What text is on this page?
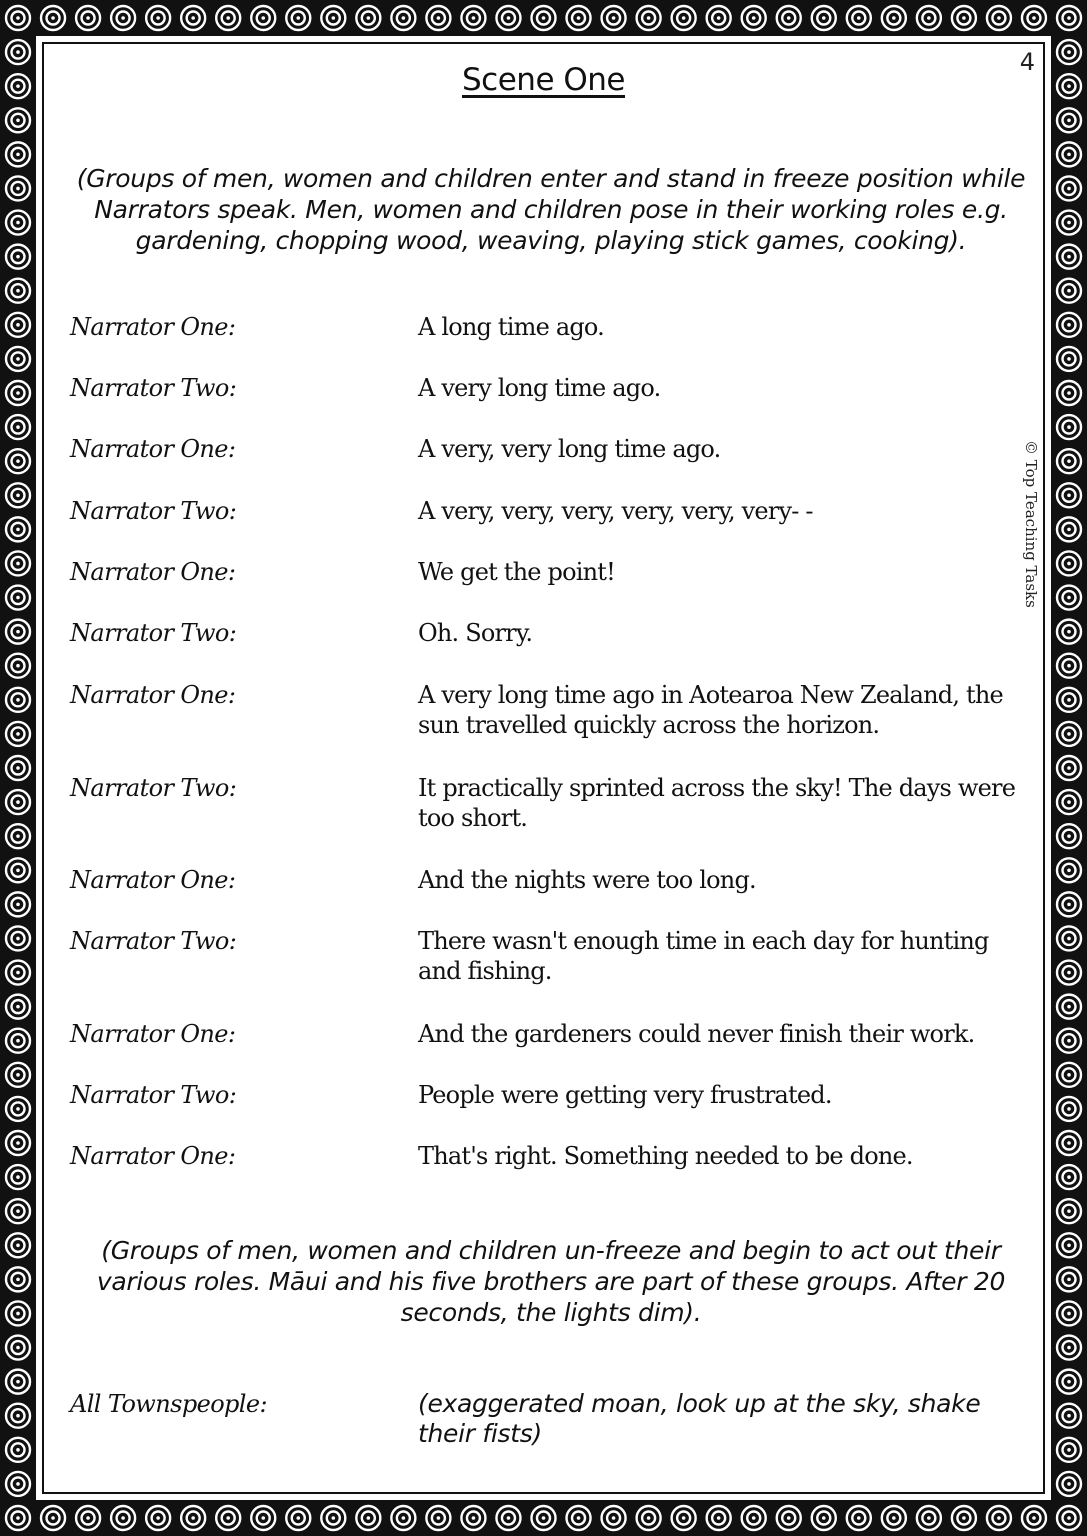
4
Scene One
(Groups of men, women and children enter and stand in freeze position while Narrators speak. Men, women and children pose in their working roles e.g. gardening, chopping wood, weaving, playing stick games, cooking).
Narrator One:	A long time ago.
Narrator Two:	A very long time ago.
Narrator One:	A very, very long time ago.
Narrator Two:	A very, very, very, very, very, very- -
Narrator One:	We get the point!
Narrator Two:	Oh. Sorry.
Narrator One:	A very long time ago in Aotearoa New Zealand, the sun travelled quickly across the horizon.
Narrator Two:	It practically sprinted across the sky! The days were too short.
Narrator One:	And the nights were too long.
Narrator Two:	There wasn't enough time in each day for hunting and fishing.
Narrator One:	And the gardeners could never finish their work.
Narrator Two:	People were getting very frustrated.
Narrator One:	That's right. Something needed to be done.
(Groups of men, women and children un-freeze and begin to act out their various roles. Māui and his five brothers are part of these groups. After 20 seconds, the lights dim).
All Townspeople:	(exaggerated moan, look up at the sky, shake their fists)
© Top Teaching Tasks
